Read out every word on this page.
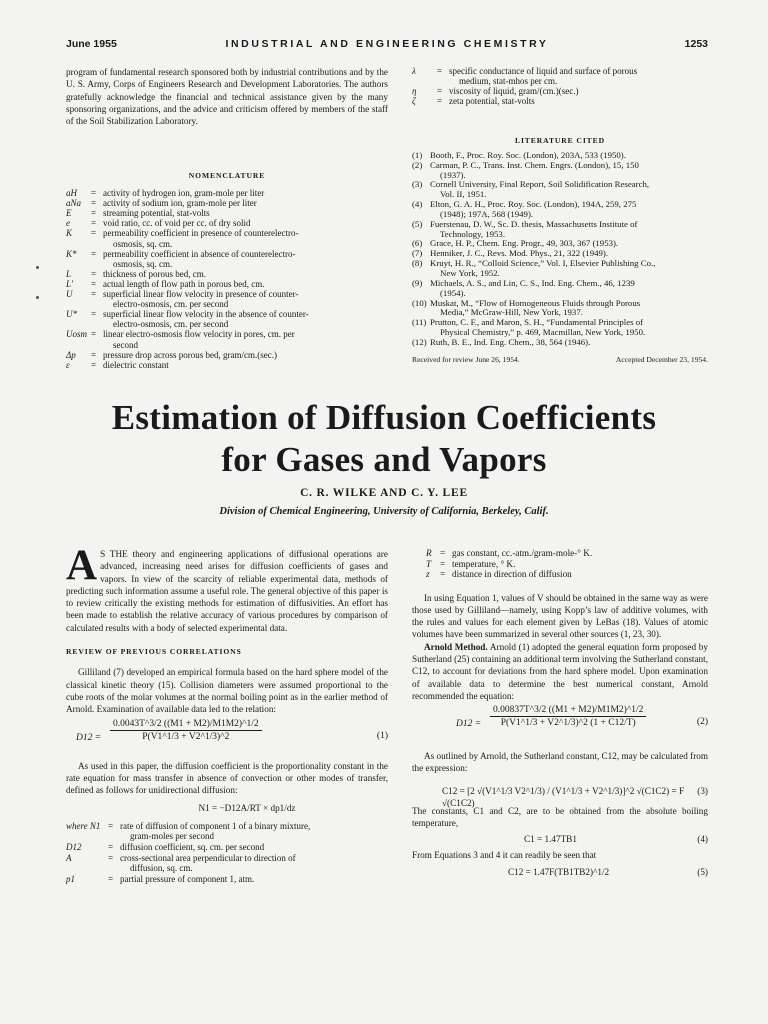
June 1955	INDUSTRIAL AND ENGINEERING CHEMISTRY	1253

program of fundamental research sponsored both by industrial contributions and by the U. S. Army, Corps of Engineers Research and Development Laboratories. The authors gratefully acknowledge the financial and technical assistance given by the many sponsoring organizations, and the advice and criticism offered by members of the staff of the Soil Stabilization Laboratory.

NOMENCLATURE

aH	= activity of hydrogen ion, gram-mole per liter
aNa	= activity of sodium ion, gram-mole per liter
E	= streaming potential, stat-volts
e	= void ratio, cc. of void per cc. of dry solid
K	= permeability coefficient in presence of counterelectro-
osmosis, sq. cm.
K*	= permeability coefficient in absence of counterelectro-
osmosis, sq. cm.
L	= thickness of porous bed, cm.
L'	= actual length of flow path in porous bed, cm.
U	= superficial linear flow velocity in presence of counter-
electro-osmosis, cm. per second
U*	= superficial linear flow velocity in the absence of counter-
electro-osmosis, cm. per second
Uosm = linear electro-osmosis flow velocity in pores, cm. per
second
Δp	= pressure drop across porous bed, gram/cm.(sec.)
ε	= dielectric constant
λ	= specific conductance of liquid and surface of porous
medium, stat-mhos per cm.
η	= viscosity of liquid, gram/(cm.)(sec.)
ζ	= zeta potential, stat-volts

LITERATURE CITED

(1) Booth, F., Proc. Roy. Soc. (London), 203A, 533 (1950).
(2) Carman, P. C., Trans. Inst. Chem. Engrs. (London), 15, 150
(1937).
(3) Cornell University, Final Report, Soil Solidification Research,
Vol. II, 1951.
(4) Elton, G. A. H., Proc. Roy. Soc. (London), 194A, 259, 275
(1948); 197A, 568 (1949).
(5) Fuerstenau, D. W., Sc. D. thesis, Massachusetts Institute of
Technology, 1953.
(6) Grace, H. P., Chem. Eng. Progr., 49, 303, 367 (1953).
(7) Henniker, J. C., Revs. Mod. Phys., 21, 322 (1949).
(8) Kruyt, H. R., “Colloid Science,” Vol. I, Elsevier Publishing Co.,
New York, 1952.
(9) Michaels, A. S., and Lin, C. S., Ind. Eng. Chem., 46, 1239
(1954).
(10) Muskat, M., “Flow of Homogeneous Fluids through Porous
Media,” McGraw-Hill, New York, 1937.
(11) Prutton, C. F., and Maron, S. H., “Fundamental Principles of
Physical Chemistry,” p. 469, Macmillan, New York, 1950.
(12) Ruth, B. E., Ind. Eng. Chem., 38, 564 (1946).
Received for review June 26, 1954.	Accepted December 23, 1954.
Estimation of Diffusion Coefficients
for Gases and Vapors
C. R. WILKE AND C. Y. LEE
Division of Chemical Engineering, University of California, Berkeley, Calif.

A S THE theory and engineering applications of diffusional operations are advanced, increasing need arises for diffusion coefficients of gases and vapors. In view of the scarcity of reliable experimental data, methods of predicting such information assume a useful role. The general objective of this paper is to review critically the existing methods for estimation of diffusivities. An effort has been made to establish the relative accuracy of various procedures by comparison of calculated results with a body of selected experimental data.

REVIEW OF PREVIOUS CORRELATIONS

Gilliland (7) developed an empirical formula based on the hard sphere model of the classical kinetic theory (15). Collision diameters were assumed proportional to the cube roots of the molar volumes at the normal boiling point as in the earlier method of Arnold. Examination of available data led to the relation:

$D12 = \frac{0.0043T\^{}3/2 ((M1 + M2)/M1M2)\^{}1/2}{P(V1\^{}1/3 + V2\^{}1/3)\^{}2}$	(1)

As used in this paper, the diffusion coefficient is the proportionality constant in the rate equation for mass transfer in absence of convection or other modes of transfer, defined as follows for unidirectional diffusion:

N1 = −D12A/RT × dp1/dz
where N1 = rate of diffusion of component 1 of a binary mixture,
gram-moles per second
D12	= diffusion coefficient, sq. cm. per second
A	= cross-sectional area perpendicular to direction of
diffusion, sq. cm.
p1	= partial pressure of component 1, atm.
R = gas constant, cc.-atm./gram-mole-° K.
T = temperature, ° K.
z	= distance in direction of diffusion

In using Equation 1, values of V should be obtained in the same way as were those used by Gilliland—namely, using Kopp’s law of additive volumes, with the rules and values for each element given by LeBas (18). Values of atomic volumes have been summarized in several other sources (1, 23, 30).

Arnold Method. Arnold (1) adopted the general equation form proposed by Sutherland (25) containing an additional term involving the Sutherland constant, C12, to account for deviations from the hard sphere model. Upon examination of available data to determine the best numerical constant, Arnold recommended the equation:

$D12 = \frac{0.00837T\^{}3/2 ((M1 + M2)/M1M2)\^{}1/2}{P(V1\^{}1/3 + V2\^{}1/3)\^{}2 (1 + C12/T)}$	(2)

As outlined by Arnold, the Sutherland constant, C12, may be calculated from the expression:

C12 = [2 √(V1^1/3 V2^1/3) / (V1^1/3 + V2^1/3)]^2 √(C1C2) = F √(C1C2)
(3)

The constants, C1 and C2, are to be obtained from the absolute boiling temperature,

C1 = 1.47TB1	(4)

From Equations 3 and 4 it can readily be seen that

C12 = 1.47F(TB1TB2)^1/2	(5)
